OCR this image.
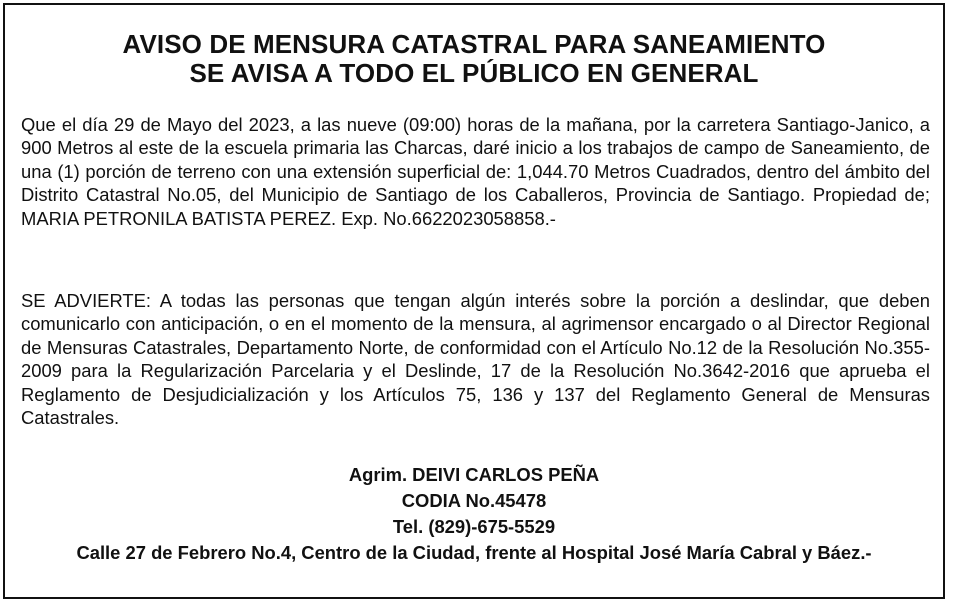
AVISO DE MENSURA CATASTRAL PARA SANEAMIENTO
SE AVISA A TODO EL PÚBLICO EN GENERAL

Que el día 29 de Mayo del 2023, a las nueve (09:00) horas de la mañana, por la carretera Santiago-Janico, a 900 Metros al este de la escuela primaria las Charcas, daré inicio a los trabajos de campo de Saneamiento, de una (1) porción de terreno con una extensión superficial de: 1,044.70 Metros Cuadrados, dentro del ámbito del Distrito Catastral No.05, del Municipio de Santiago de los Caballeros, Provincia de Santiago. Propiedad de; MARIA PETRONILA BATISTA PEREZ. Exp. No.6622023058858.-

SE ADVIERTE: A todas las personas que tengan algún interés sobre la porción a deslindar, que deben comunicarlo con anticipación, o en el momento de la mensura, al agrimensor encargado o al Director Regional de Mensuras Catastrales, Departamento Norte, de conformidad con el Artículo No.12 de la Resolución No.355-2009 para la Regularización Parcelaria y el Deslinde, 17 de la Resolución No.3642-2016 que aprueba el Reglamento de Desjudicialización y los Artículos 75, 136 y 137 del Reglamento General de Mensuras Catastrales.

Agrim. DEIVI CARLOS PEÑA
CODIA No.45478
Tel. (829)-675-5529
Calle 27 de Febrero No.4, Centro de la Ciudad, frente al Hospital José María Cabral y Báez.-
